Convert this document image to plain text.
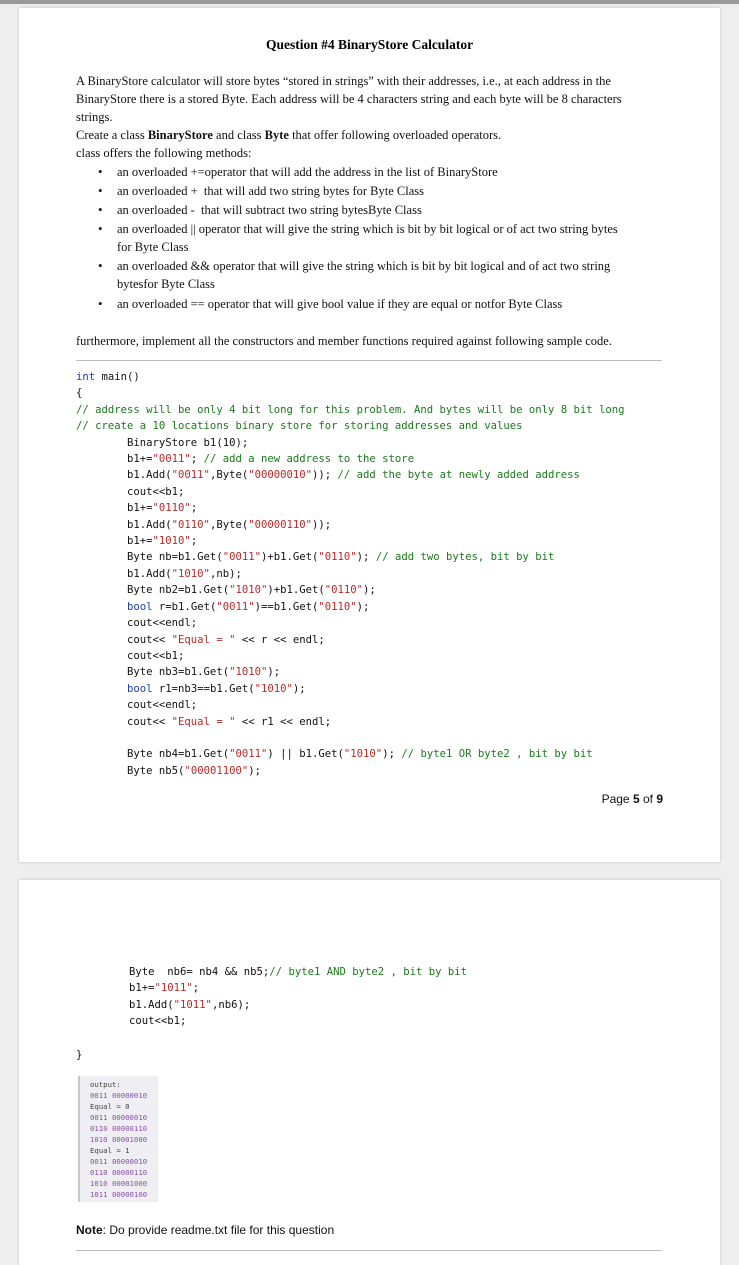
Question #4 BinaryStore Calculator
A BinaryStore calculator will store bytes “stored in strings” with their addresses, i.e., at each address in the
BinaryStore there is a stored Byte. Each address will be 4 characters string and each byte will be 8 characters
strings.
Create a class BinaryStore and class Byte that offer following overloaded operators.
class offers the following methods:
• an overloaded +=operator that will add the address in the list of BinaryStore
• an overloaded +  that will add two string bytes for Byte Class
• an overloaded -  that will subtract two string bytesByte Class
• an overloaded || operator that will give the string which is bit by bit logical or of act two string bytes
for Byte Class
• an overloaded && operator that will give the string which is bit by bit logical and of act two string
bytesfor Byte Class
• an overloaded == operator that will give bool value if they are equal or notfor Byte Class
furthermore, implement all the constructors and member functions required against following sample code.
int main()
{
// address will be only 4 bit long for this problem. And bytes will be only 8 bit long
// create a 10 locations binary store for storing addresses and values
BinaryStore b1(10);
b1+="0011"; // add a new address to the store
b1.Add("0011",Byte("00000010")); // add the byte at newly added address
cout<<b1;
b1+="0110";
b1.Add("0110",Byte("00000110"));
b1+="1010";
Byte nb=b1.Get("0011")+b1.Get("0110"); // add two bytes, bit by bit
b1.Add("1010",nb);
Byte nb2=b1.Get("1010")+b1.Get("0110");
bool r=b1.Get("0011")==b1.Get("0110");
cout<<endl;
cout<< "Equal = " << r << endl;
cout<<b1;
Byte nb3=b1.Get("1010");
bool r1=nb3==b1.Get("1010");
cout<<endl;
cout<< "Equal = " << r1 << endl;

Byte nb4=b1.Get("0011") || b1.Get("1010"); // byte1 OR byte2 , bit by bit
Byte nb5("00001100");
Page 5 of 9
Byte  nb6= nb4 && nb5;// byte1 AND byte2 , bit by bit
b1+="1011";
b1.Add("1011",nb6);
cout<<b1;
}
output:
0011 00000010
Equal = 0
0011 00000010
0110 00000110
1010 00001000
Equal = 1
0011 00000010
0110 00000110
1010 00001000
1011 00000100
Note: Do provide readme.txt file for this question
